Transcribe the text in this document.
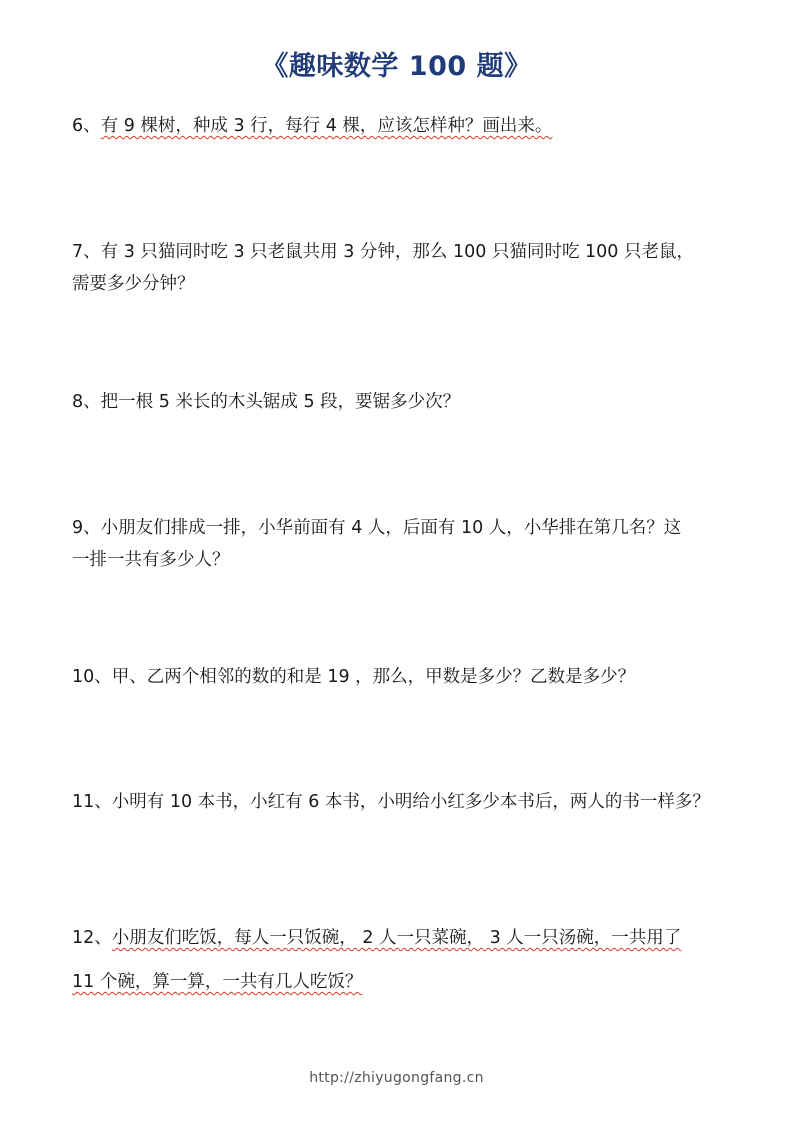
《趣味数学 100 题》
6、有 9 棵树，种成 3 行，每行 4 棵，应该怎样种？画出来。
7、有 3 只猫同时吃 3 只老鼠共用 3 分钟，那么 100 只猫同时吃 100 只老鼠，
需要多少分钟？
8、把一根 5 米长的木头锯成 5 段，要锯多少次？
9、小朋友们排成一排，小华前面有 4 人，后面有 10 人，小华排在第几名？这
一排一共有多少人？
10、甲、乙两个相邻的数的和是 19 ，那么，甲数是多少？乙数是多少？
11、小明有 10 本书，小红有 6 本书，小明给小红多少本书后，两人的书一样多？
12、小朋友们吃饭，每人一只饭碗， 2 人一只菜碗， 3 人一只汤碗，一共用了
11 个碗，算一算，一共有几人吃饭？
http://zhiyugongfang.cn
